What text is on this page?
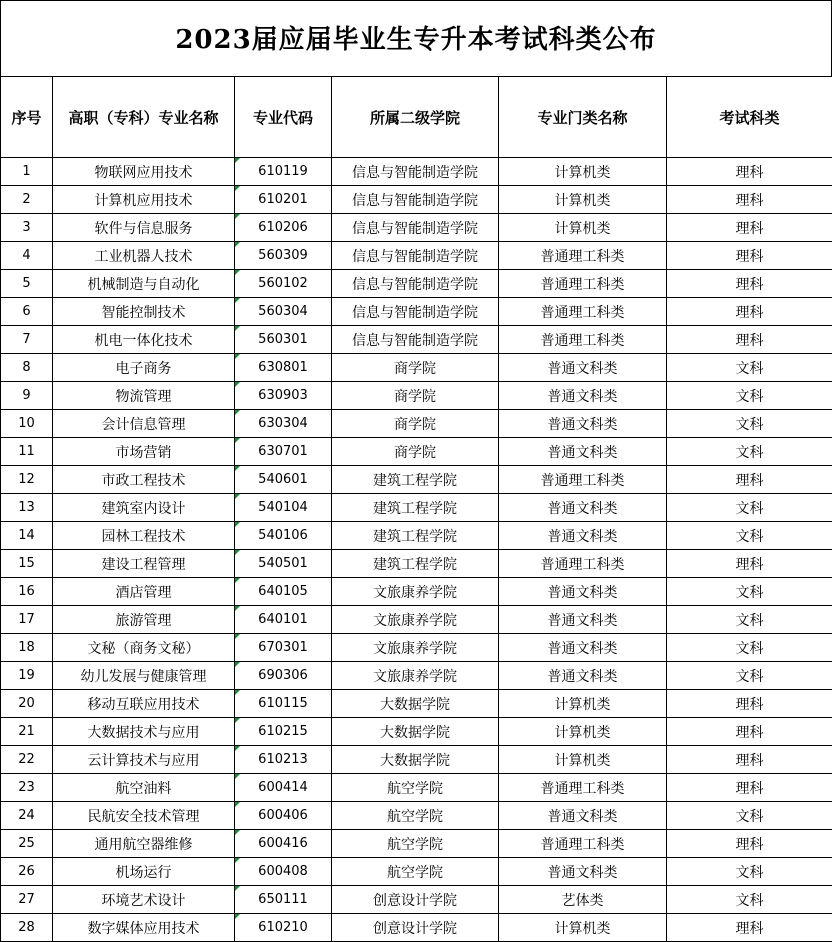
2023届应届毕业生专升本考试科类公布
序号	高职（专科）专业名称	专业代码	所属二级学院	专业门类名称	考试科类
1	物联网应用技术	610119	信息与智能制造学院	计算机类	理科
2	计算机应用技术	610201	信息与智能制造学院	计算机类	理科
3	软件与信息服务	610206	信息与智能制造学院	计算机类	理科
4	工业机器人技术	560309	信息与智能制造学院	普通理工科类	理科
5	机械制造与自动化	560102	信息与智能制造学院	普通理工科类	理科
6	智能控制技术	560304	信息与智能制造学院	普通理工科类	理科
7	机电一体化技术	560301	信息与智能制造学院	普通理工科类	理科
8	电子商务	630801	商学院	普通文科类	文科
9	物流管理	630903	商学院	普通文科类	文科
10	会计信息管理	630304	商学院	普通文科类	文科
11	市场营销	630701	商学院	普通文科类	文科
12	市政工程技术	540601	建筑工程学院	普通理工科类	理科
13	建筑室内设计	540104	建筑工程学院	普通文科类	文科
14	园林工程技术	540106	建筑工程学院	普通文科类	文科
15	建设工程管理	540501	建筑工程学院	普通理工科类	理科
16	酒店管理	640105	文旅康养学院	普通文科类	文科
17	旅游管理	640101	文旅康养学院	普通文科类	文科
18	文秘（商务文秘）	670301	文旅康养学院	普通文科类	文科
19	幼儿发展与健康管理	690306	文旅康养学院	普通文科类	文科
20	移动互联应用技术	610115	大数据学院	计算机类	理科
21	大数据技术与应用	610215	大数据学院	计算机类	理科
22	云计算技术与应用	610213	大数据学院	计算机类	理科
23	航空油料	600414	航空学院	普通理工科类	理科
24	民航安全技术管理	600406	航空学院	普通文科类	文科
25	通用航空器维修	600416	航空学院	普通理工科类	理科
26	机场运行	600408	航空学院	普通文科类	文科
27	环境艺术设计	650111	创意设计学院	艺体类	文科
28	数字媒体应用技术	610210	创意设计学院	计算机类	理科
